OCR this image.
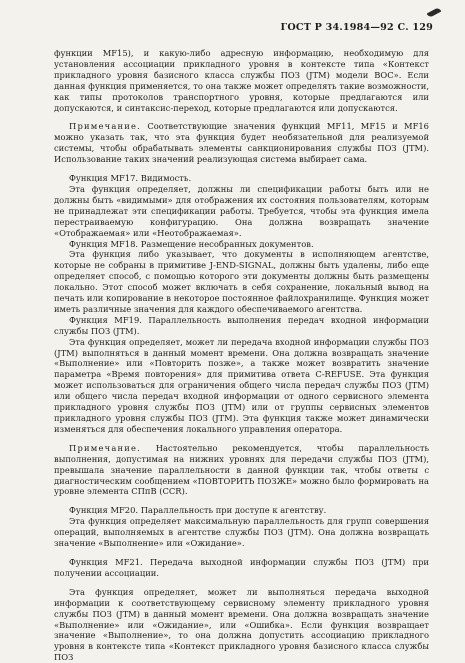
ГОСТ Р 34.1984—92 С. 129

функции MF15), и какую-либо адресную информацию, необходимую для установления ассоциации прикладного уровня в контексте типа «Контекст прикладного уровня базисного класса службы ПОЗ (JTM) модели ВОС». Если данная функция применяется, то она также может определять такие возможности, как типы протоколов транспортного уровня, которые предлагаются или допускаются, и синтаксис-переход, которые предлагаются или допускаются.

Примечание. Соответствующие значения функций MF11, MF15 и MF16 можно указать так, что эта функция будет необязательной для реализуемой системы, чтобы обрабатывать элементы санкционирования службы ПОЗ (JTM). Использование таких значений реализующая система выбирает сама.

Функция MF17. Видимость.

Эта функция определяет, должны ли спецификации работы быть или не должны быть «видимыми» для отображения их состояния пользователям, которым не принадлежат эти спецификации работы. Требуется, чтобы эта функция имела перестраиваемую конфигурацию. Она должна возвращать значение «Отображаемая» или «Неотображаемая».

Функция MF18. Размещение несобранных документов.

Эта функция либо указывает, что документы в исполняющем агентстве, которые не собраны в примитиве J-END-SIGNAL, должны быть удалены, либо еще определяет способ, с помощью которого эти документы должны быть размещены локально. Этот способ может включать в себя сохранение, локальный вывод на печать или копирование в некоторое постоянное файлохранилище. Функция может иметь различные значения для каждого обеспечиваемого агентства.

Функция MF19. Параллельность выполнения передач входной информации службы ПОЗ (JTM).

Эта функция определяет, может ли передача входной информации службы ПОЗ (JTM) выполняться в данный момент времени. Она должна возвращать значение «Выполнение» или «Повторить позже», а также может возвратить значение параметра «Время повторения» для примитива ответа C-REFUSE. Эта функция может использоваться для ограничения общего числа передач службы ПОЗ (JTM) или общего числа передач входной информации от одного сервисного элемента прикладного уровня службы ПОЗ (JTM) или от группы сервисных элементов прикладного уровня службы ПОЗ (JTM). Эта функция также может динамически изменяться для обеспечения локального управления оператора.

Примечание. Настоятельно рекомендуется, чтобы параллельность выполнения, допустимая на нижних уровнях для передачи службы ПОЗ (JTM), превышала значение параллельности в данной функции так, чтобы ответы с диагностическим сообщением «ПОВТОРИТЬ ПОЗЖЕ» можно было формировать на уровне элемента СПпВ (CCR).

Функция MF20. Параллельность при доступе к агентству.

Эта функция определяет максимальную параллельность для групп совершения операций, выполняемых в агентстве службы ПОЗ (JTM). Она должна возвращать значение «Выполнение» или «Ожидание».

Функция MF21. Передача выходной информации службы ПОЗ (JTM) при получении ассоциации.

Эта функция определяет, может ли выполняться передача выходной информации к соответствующему сервисному элементу прикладного уровня службы ПОЗ (JTM) в данный момент времени. Она должна возвращать значение «Выполнение» или «Ожидание», или «Ошибка». Если функция возвращает значение «Выполнение», то она должна допустить ассоциацию прикладного уровня в контексте типа «Контекст прикладного уровня базисного класса службы ПОЗ
